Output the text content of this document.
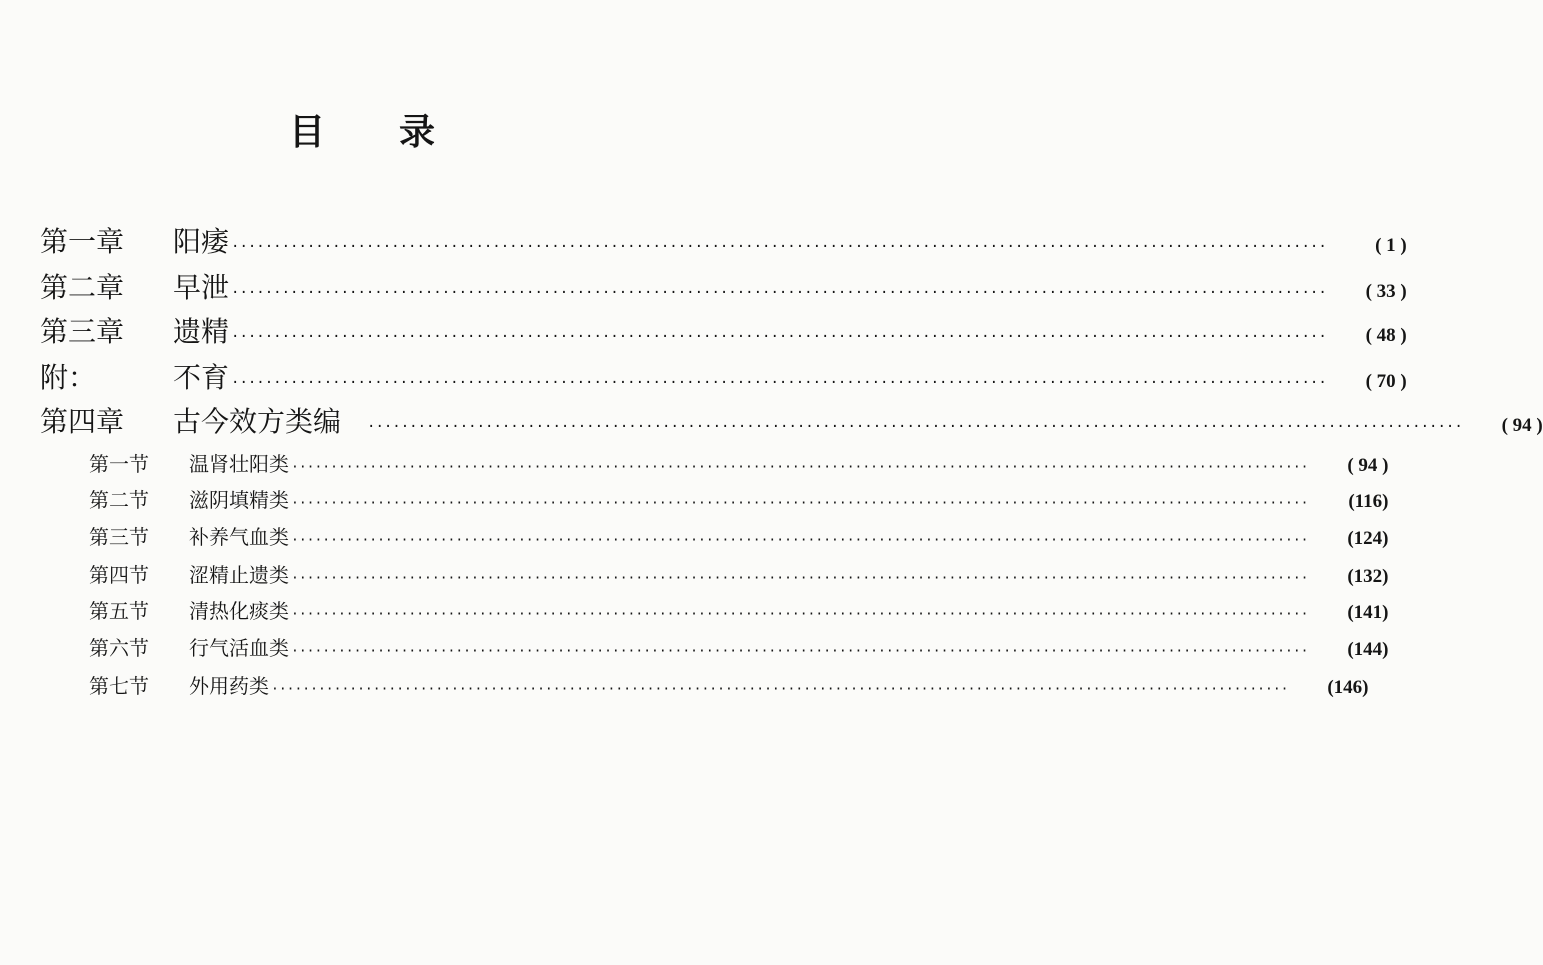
目 录
第一章	阳痿 ··································································································································	( 1 )
第二章	早泄 ··································································································································	( 33 )
第三章	遗精 ··································································································································	( 48 )
附：	不育 ··································································································································	( 70 )
第四章	古今效方类编 ··································································································································	( 94 )
第一节	温肾壮阳类 ··································································································································	( 94 )
第二节	滋阴填精类 ··································································································································	(116)
第三节	补养气血类 ··································································································································	(124)
第四节	涩精止遗类 ··································································································································	(132)
第五节	清热化痰类 ··································································································································	(141)
第六节	行气活血类 ··································································································································	(144)
第七节	外用药类 ··································································································································	(146)
